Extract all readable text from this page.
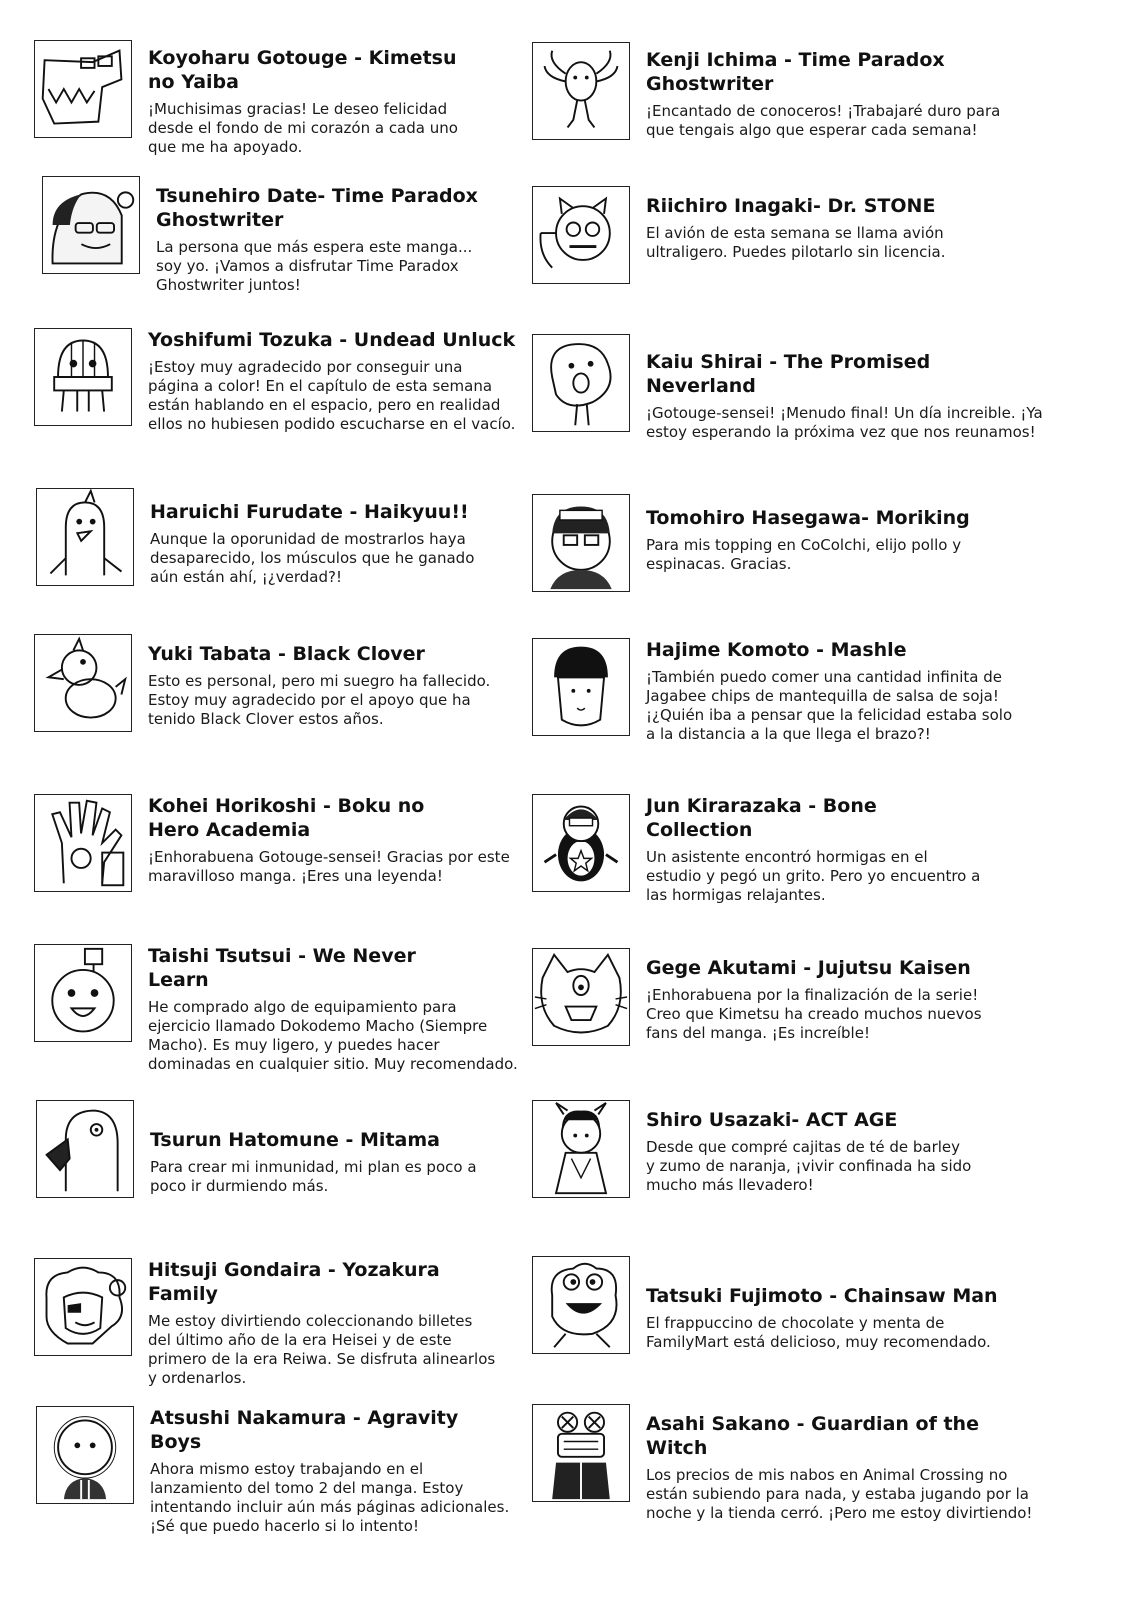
Koyoharu Gotouge - Kimetsu no Yaiba
¡Muchisimas gracias! Le deseo felicidad
desde el fondo de mi corazón a cada uno
que me ha apoyado.
Tsunehiro Date- Time Paradox Ghostwriter
La persona que más espera este manga...
soy yo. ¡Vamos a disfrutar Time Paradox
Ghostwriter juntos!
Yoshifumi Tozuka - Undead Unluck
¡Estoy muy agradecido por conseguir una
página a color! En el capítulo de esta semana
están hablando en el espacio, pero en realidad
ellos no hubiesen podido escucharse en el vacío.
Haruichi Furudate - Haikyuu!!
Aunque la oporunidad de mostrarlos haya
desaparecido, los músculos que he ganado
aún están ahí, ¡¿verdad?!
Yuki Tabata - Black Clover
Esto es personal, pero mi suegro ha fallecido.
Estoy muy agradecido por el apoyo que ha
tenido Black Clover estos años.
Kohei Horikoshi - Boku no Hero Academia
¡Enhorabuena Gotouge-sensei! Gracias por este
maravilloso manga. ¡Eres una leyenda!
Taishi Tsutsui - We Never Learn
He comprado algo de equipamiento para
ejercicio llamado Dokodemo Macho (Siempre
Macho). Es muy ligero, y puedes hacer
dominadas en cualquier sitio. Muy recomendado.
Tsurun Hatomune - Mitama
Para crear mi inmunidad, mi plan es poco a
poco ir durmiendo más.
Hitsuji Gondaira - Yozakura Family
Me estoy divirtiendo coleccionando billetes
del último año de la era Heisei y de este
primero de la era Reiwa. Se disfruta alinearlos
y ordenarlos.
Atsushi Nakamura - Agravity Boys
Ahora mismo estoy trabajando en el
lanzamiento del tomo 2 del manga. Estoy
intentando incluir aún más páginas adicionales.
¡Sé que puedo hacerlo si lo intento!
Kenji Ichima - Time Paradox Ghostwriter
¡Encantado de conoceros! ¡Trabajaré duro para
que tengais algo que esperar cada semana!
Riichiro Inagaki- Dr. STONE
El avión de esta semana se llama avión
ultraligero. Puedes pilotarlo sin licencia.
Kaiu Shirai - The Promised Neverland
¡Gotouge-sensei! ¡Menudo final! Un día increible. ¡Ya
estoy esperando la próxima vez que nos reunamos!
Tomohiro Hasegawa- Moriking
Para mis topping en CoColchi, elijo pollo y
espinacas. Gracias.
Hajime Komoto - Mashle
¡También puedo comer una cantidad infinita de
Jagabee chips de mantequilla de salsa de soja!
¡¿Quién iba a pensar que la felicidad estaba solo
a la distancia a la que llega el brazo?!
Jun Kirarazaka - Bone Collection
Un asistente encontró hormigas en el
estudio y pegó un grito. Pero yo encuentro a
las hormigas relajantes.
Gege Akutami - Jujutsu Kaisen
¡Enhorabuena por la finalización de la serie!
Creo que Kimetsu ha creado muchos nuevos
fans del manga. ¡Es increíble!
Shiro Usazaki- ACT AGE
Desde que compré cajitas de té de barley
y zumo de naranja, ¡vivir confinada ha sido
mucho más llevadero!
Tatsuki Fujimoto - Chainsaw Man
El frappuccino de chocolate y menta de
FamilyMart está delicioso, muy recomendado.
Asahi Sakano - Guardian of the Witch
Los precios de mis nabos en Animal Crossing no
están subiendo para nada, y estaba jugando por la
noche y la tienda cerró. ¡Pero me estoy divirtiendo!
